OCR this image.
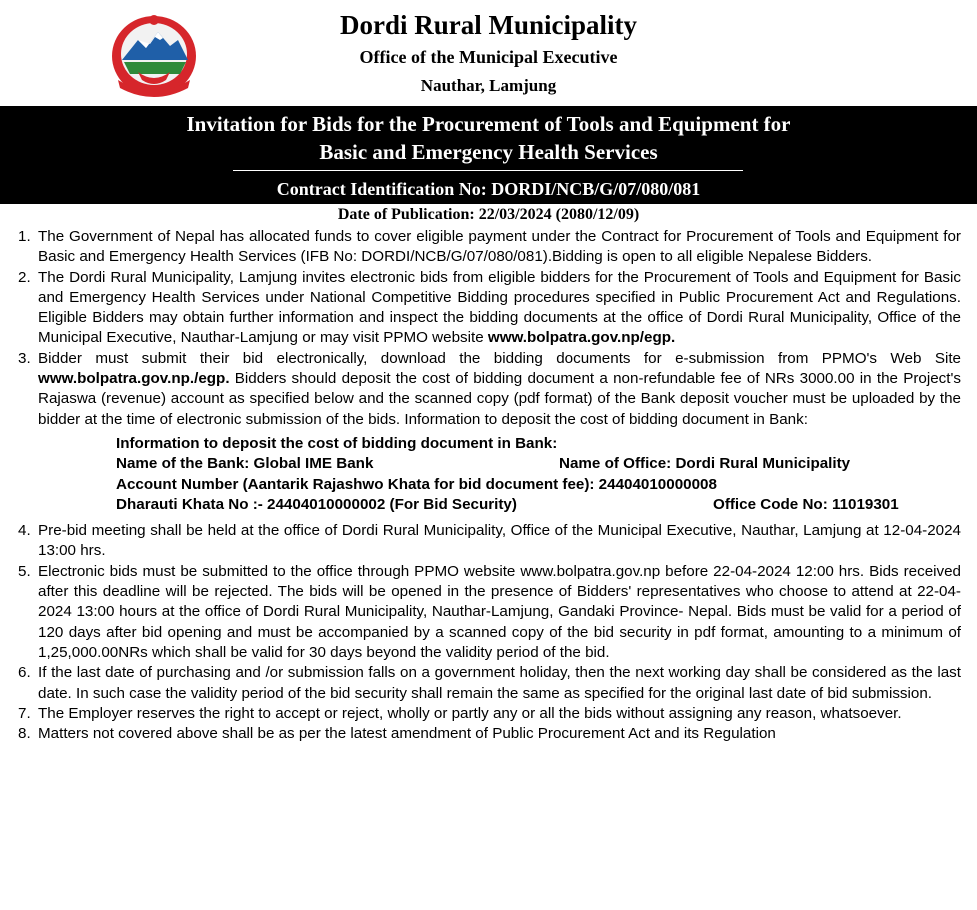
Dordi Rural Municipality
Office of the Municipal Executive
Nauthar, Lamjung
Invitation for Bids for the Procurement of Tools and Equipment for
Basic and Emergency Health Services
Contract Identification No: DORDI/NCB/G/07/080/081
Date of Publication: 22/03/2024 (2080/12/09)
1. The Government of Nepal has allocated funds to cover eligible payment under the Contract for Procurement of Tools and Equipment for Basic and Emergency Health Services (IFB No: DORDI/NCB/G/07/080/081).Bidding is open to all eligible Nepalese Bidders.
2. The Dordi Rural Municipality, Lamjung invites electronic bids from eligible bidders for the Procurement of Tools and Equipment for Basic and Emergency Health Services under National Competitive Bidding procedures specified in Public Procurement Act and Regulations. Eligible Bidders may obtain further information and inspect the bidding documents at the office of Dordi Rural Municipality, Office of the Municipal Executive, Nauthar-Lamjung or may visit PPMO website www.bolpatra.gov.np/egp.
3. Bidder must submit their bid electronically, download the bidding documents for e-submission from PPMO's Web Site www.bolpatra.gov.np./egp. Bidders should deposit the cost of bidding document a non-refundable fee of NRs 3000.00 in the Project's Rajaswa (revenue) account as specified below and the scanned copy (pdf format) of the Bank deposit voucher must be uploaded by the bidder at the time of electronic submission of the bids. Information to deposit the cost of bidding document in Bank:
Information to deposit the cost of bidding document in Bank:
Name of the Bank: Global IME Bank	Name of Office: Dordi Rural Municipality
Account Number (Aantarik Rajashwo Khata for bid document fee): 24404010000008
Dharauti Khata No :- 24404010000002 (For Bid Security)	Office Code No: 11019301
4. Pre-bid meeting shall be held at the office of Dordi Rural Municipality, Office of the Municipal Executive, Nauthar, Lamjung at 12-04-2024 13:00 hrs.
5. Electronic bids must be submitted to the office through PPMO website www.bolpatra.gov.np before 22-04-2024 12:00 hrs. Bids received after this deadline will be rejected. The bids will be opened in the presence of Bidders' representatives who choose to attend at 22-04-2024 13:00 hours at the office of Dordi Rural Municipality, Nauthar-Lamjung, Gandaki Province- Nepal. Bids must be valid for a period of 120 days after bid opening and must be accompanied by a scanned copy of the bid security in pdf format, amounting to a minimum of 1,25,000.00NRs which shall be valid for 30 days beyond the validity period of the bid.
6. If the last date of purchasing and /or submission falls on a government holiday, then the next working day shall be considered as the last date. In such case the validity period of the bid security shall remain the same as specified for the original last date of bid submission.
7. The Employer reserves the right to accept or reject, wholly or partly any or all the bids without assigning any reason, whatsoever.
8. Matters not covered above shall be as per the latest amendment of Public Procurement Act and its Regulation
